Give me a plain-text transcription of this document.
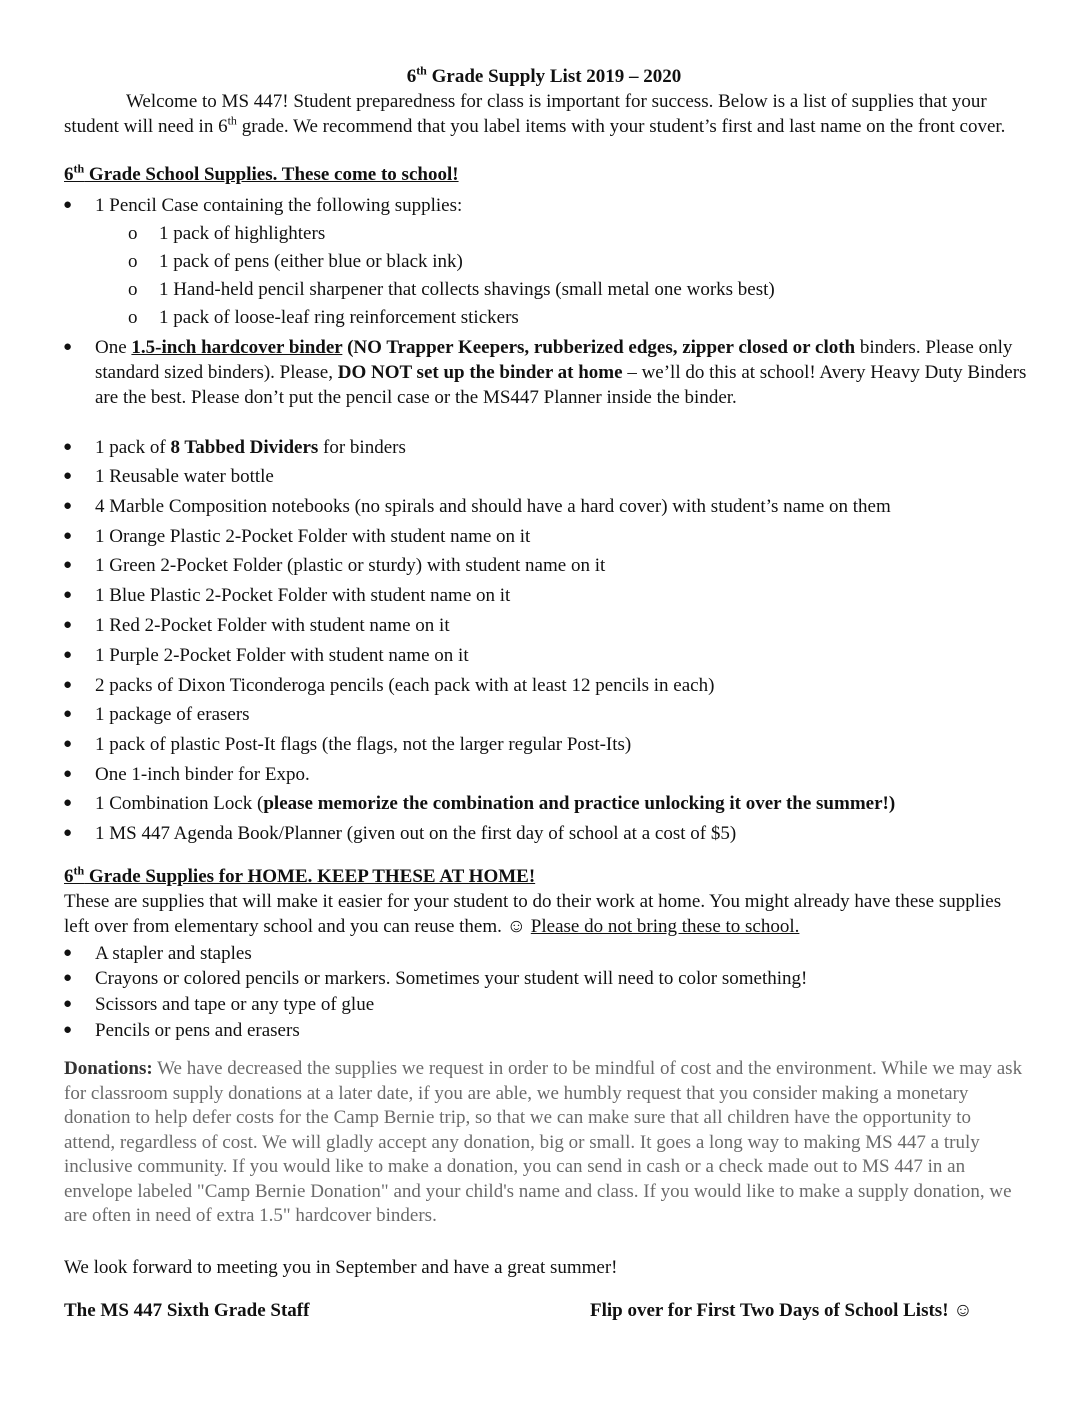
6th Grade Supply List 2019 – 2020
Welcome to MS 447! Student preparedness for class is important for success. Below is a list of supplies that your student will need in 6th grade. We recommend that you label items with your student’s first and last name on the front cover.
6th Grade School Supplies. These come to school!
● 1 Pencil Case containing the following supplies:
o 1 pack of highlighters
o 1 pack of pens (either blue or black ink)
o 1 Hand-held pencil sharpener that collects shavings (small metal one works best)
o 1 pack of loose-leaf ring reinforcement stickers
● One 1.5-inch hardcover binder (NO Trapper Keepers, rubberized edges, zipper closed or cloth binders. Please only standard sized binders). Please, DO NOT set up the binder at home – we’ll do this at school! Avery Heavy Duty Binders are the best. Please don’t put the pencil case or the MS447 Planner inside the binder.
● 1 pack of 8 Tabbed Dividers for binders
● 1 Reusable water bottle
● 4 Marble Composition notebooks (no spirals and should have a hard cover) with student’s name on them
● 1 Orange Plastic 2-Pocket Folder with student name on it
● 1 Green 2-Pocket Folder (plastic or sturdy) with student name on it
● 1 Blue Plastic 2-Pocket Folder with student name on it
● 1 Red 2-Pocket Folder with student name on it
● 1 Purple 2-Pocket Folder with student name on it
● 2 packs of Dixon Ticonderoga pencils (each pack with at least 12 pencils in each)
● 1 package of erasers
● 1 pack of plastic Post-It flags (the flags, not the larger regular Post-Its)
● One 1-inch binder for Expo.
● 1 Combination Lock (please memorize the combination and practice unlocking it over the summer!)
● 1 MS 447 Agenda Book/Planner (given out on the first day of school at a cost of $5)
6th Grade Supplies for HOME. KEEP THESE AT HOME!
These are supplies that will make it easier for your student to do their work at home. You might already have these supplies left over from elementary school and you can reuse them. ☺ Please do not bring these to school.
● A stapler and staples
● Crayons or colored pencils or markers. Sometimes your student will need to color something!
● Scissors and tape or any type of glue
● Pencils or pens and erasers
Donations: We have decreased the supplies we request in order to be mindful of cost and the environment. While we may ask for classroom supply donations at a later date, if you are able, we humbly request that you consider making a monetary donation to help defer costs for the Camp Bernie trip, so that we can make sure that all children have the opportunity to attend, regardless of cost. We will gladly accept any donation, big or small. It goes a long way to making MS 447 a truly inclusive community. If you would like to make a donation, you can send in cash or a check made out to MS 447 in an envelope labeled "Camp Bernie Donation" and your child's name and class. If you would like to make a supply donation, we are often in need of extra 1.5" hardcover binders.
We look forward to meeting you in September and have a great summer!
The MS 447 Sixth Grade Staff	Flip over for First Two Days of School Lists! ☺
